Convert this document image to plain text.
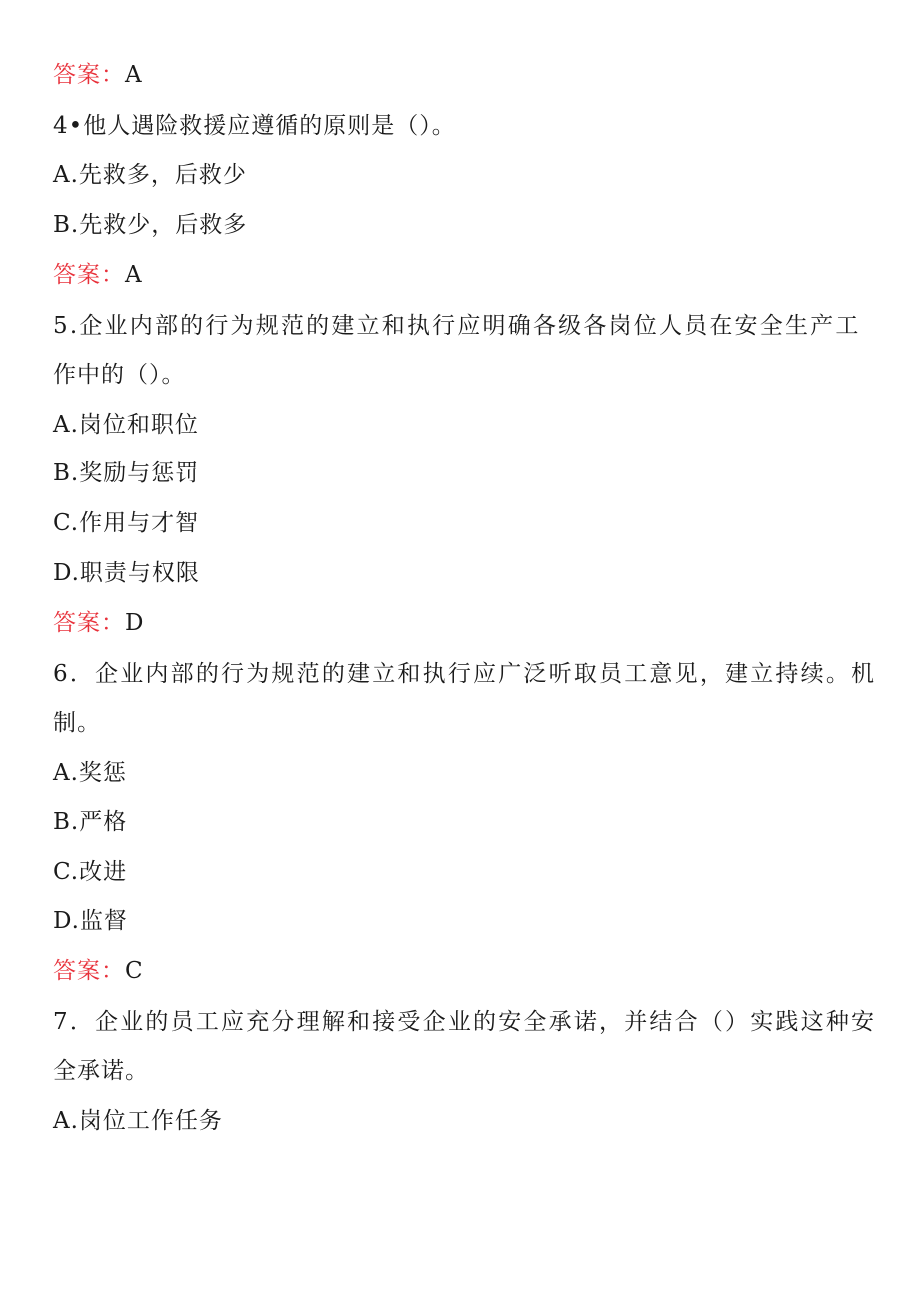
答案：A
4•他人遇险救援应遵循的原则是（）。
A.先救多，后救少
B.先救少，后救多
答案：A
5.企业内部的行为规范的建立和执行应明确各级各岗位人员在安全生产工
作中的（）。
A.岗位和职位
B.奖励与惩罚
C.作用与才智
D.职责与权限
答案：D
6．企业内部的行为规范的建立和执行应广泛听取员工意见，建立持续。机
制。
A.奖惩
B.严格
C.改进
D.监督
答案：C
7．企业的员工应充分理解和接受企业的安全承诺，并结合（）实践这种安
全承诺。
A.岗位工作任务
